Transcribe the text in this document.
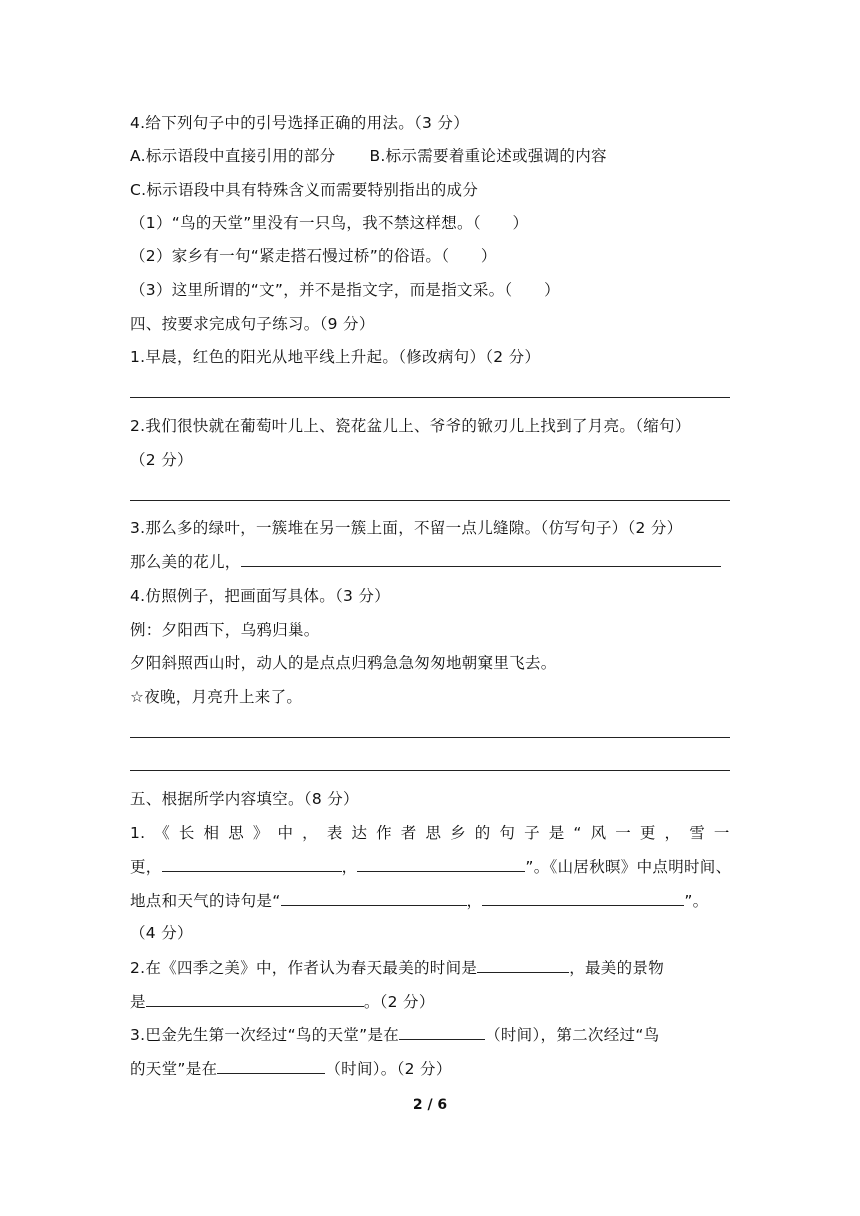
4.给下列句子中的引号选择正确的用法。（3 分）
A.标示语段中直接引用的部分 B.标示需要着重论述或强调的内容
C.标示语段中具有特殊含义而需要特别指出的成分
（1）“鸟的天堂”里没有一只鸟，我不禁这样想。（　　）
（2）家乡有一句“紧走搭石慢过桥”的俗语。（　　）
（3）这里所谓的“文”，并不是指文字，而是指文采。（　　）
四、按要求完成句子练习。（9 分）
1.早晨，红色的阳光从地平线上升起。（修改病句）（2 分）
2.我们很快就在葡萄叶儿上、瓷花盆儿上、爷爷的锨刃儿上找到了月亮。（缩句）
（2 分）
3.那么多的绿叶，一簇堆在另一簇上面，不留一点儿缝隙。（仿写句子）（2 分）
那么美的花儿，
4.仿照例子，把画面写具体。（3 分）
例：夕阳西下，乌鸦归巢。
夕阳斜照西山时，动人的是点点归鸦急急匆匆地朝窠里飞去。
☆夜晚，月亮升上来了。
五、根据所学内容填空。（8 分）
1. 《 长 相 思 》 中 ， 表 达 作 者 思 乡 的 句 子 是 “ 风 一 更 ， 雪 一
更，	，	”。《山居秋暝》中点明时间、
地点和天气的诗句是“	，	”。
（4 分）
2.在《四季之美》中，作者认为春天最美的时间是	，最美的景物
是	。（2 分）
3.巴金先生第一次经过“鸟的天堂”是在	（时间），第二次经过“鸟
的天堂”是在	（时间）。（2 分）
2 / 6
